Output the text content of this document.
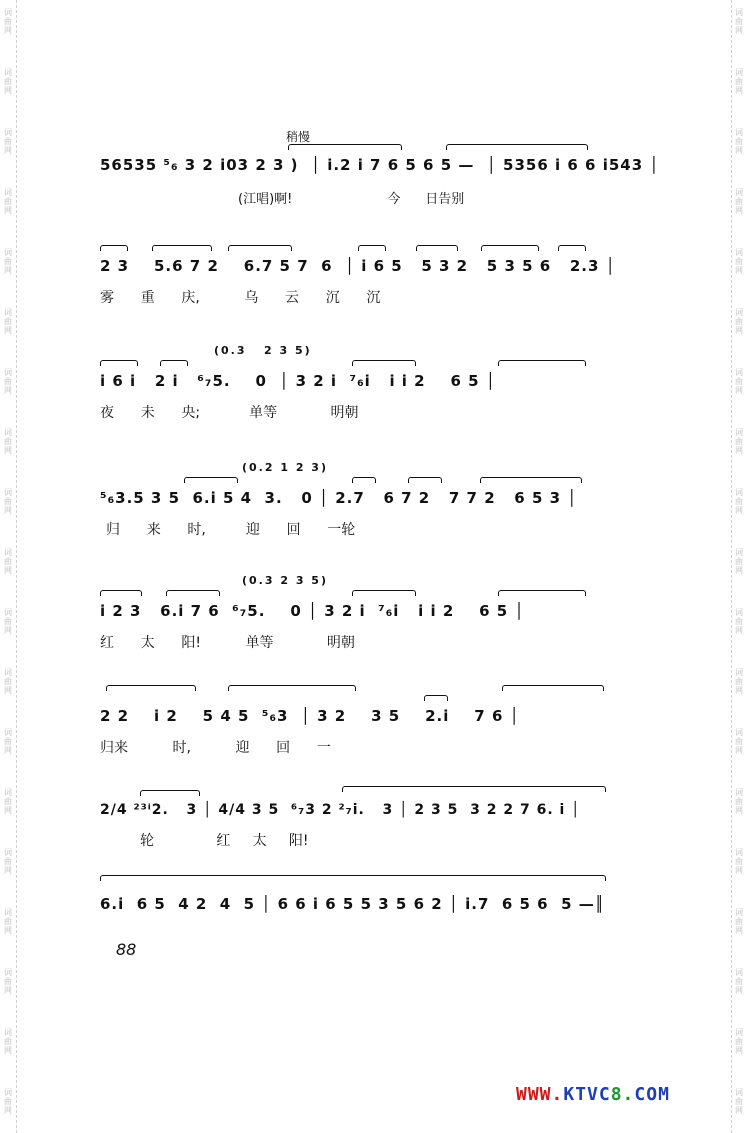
词
曲
网
词
曲
网
词
曲
网
词
曲
网
词
曲
网
词
曲
网
词
曲
网
词
曲
网
词
曲
网
词
曲
网
词
曲
网
词
曲
网
词
曲
网
词
曲
网
词
曲
网
词
曲
网
词
曲
网
词
曲
网
词
曲
网
词
曲
网
词
曲
网
词
曲
网
词
曲
网
词
曲
网
词
曲
网
词
曲
网
词
曲
网
词
曲
网
词
曲
网
词
曲
网
词
曲
网
词
曲
网
词
曲
网
词
曲
网
词
曲
网
词
曲
网
词
曲
网
词
曲
网
稍慢
56535 ⁵₆ 3 2 i03 2 3 )  │ i.2 i 7 6 5 6 5 —  │ 5356 i 6 6 i543 │
(江唱)啊!                       今      日告别
2 3    5.6 7 2    6.7 5 7  6  │ i 6 5   5 3 2   5 3 5 6   2.3 │
雾      重      庆,          乌      云      沉      沉
i 6 i   2 i   ⁶₇5.    0  │ 3 2 i  ⁷₆i   i i 2    6 5 │
(0.3   2 3 5)
夜      未      央;           单等            明朝
⁵₆3.5 3 5  6.i 5 4  3.   0 │ 2.7   6 7 2   7 7 2   6 5 3 │
(0.2 1 2 3)
归      来      时,         迎      回      一轮
i 2 3   6.i 7 6  ⁶₇5.    0 │ 3 2 i  ⁷₆i   i i 2    6 5 │
(0.3 2 3 5)
红      太      阳!          单等            明朝
2 2    i 2    5 4 5  ⁵₆3  │ 3 2    3 5    2.i    7 6 │
归来          时,          迎      回      一
2/4 ²³ⁱ2.   3 │ 4/4 3 5  ⁶₇3 2 ²₇i.   3 │ 2 3 5  3 2 2 7 6. i │
轮              红     太     阳!
6.i  6 5  4 2  4  5 │ 6 6 i 6 5 5 3 5 6 2 │ i.7  6 5 6  5 —║
88
WWW.KTVC8.COM
